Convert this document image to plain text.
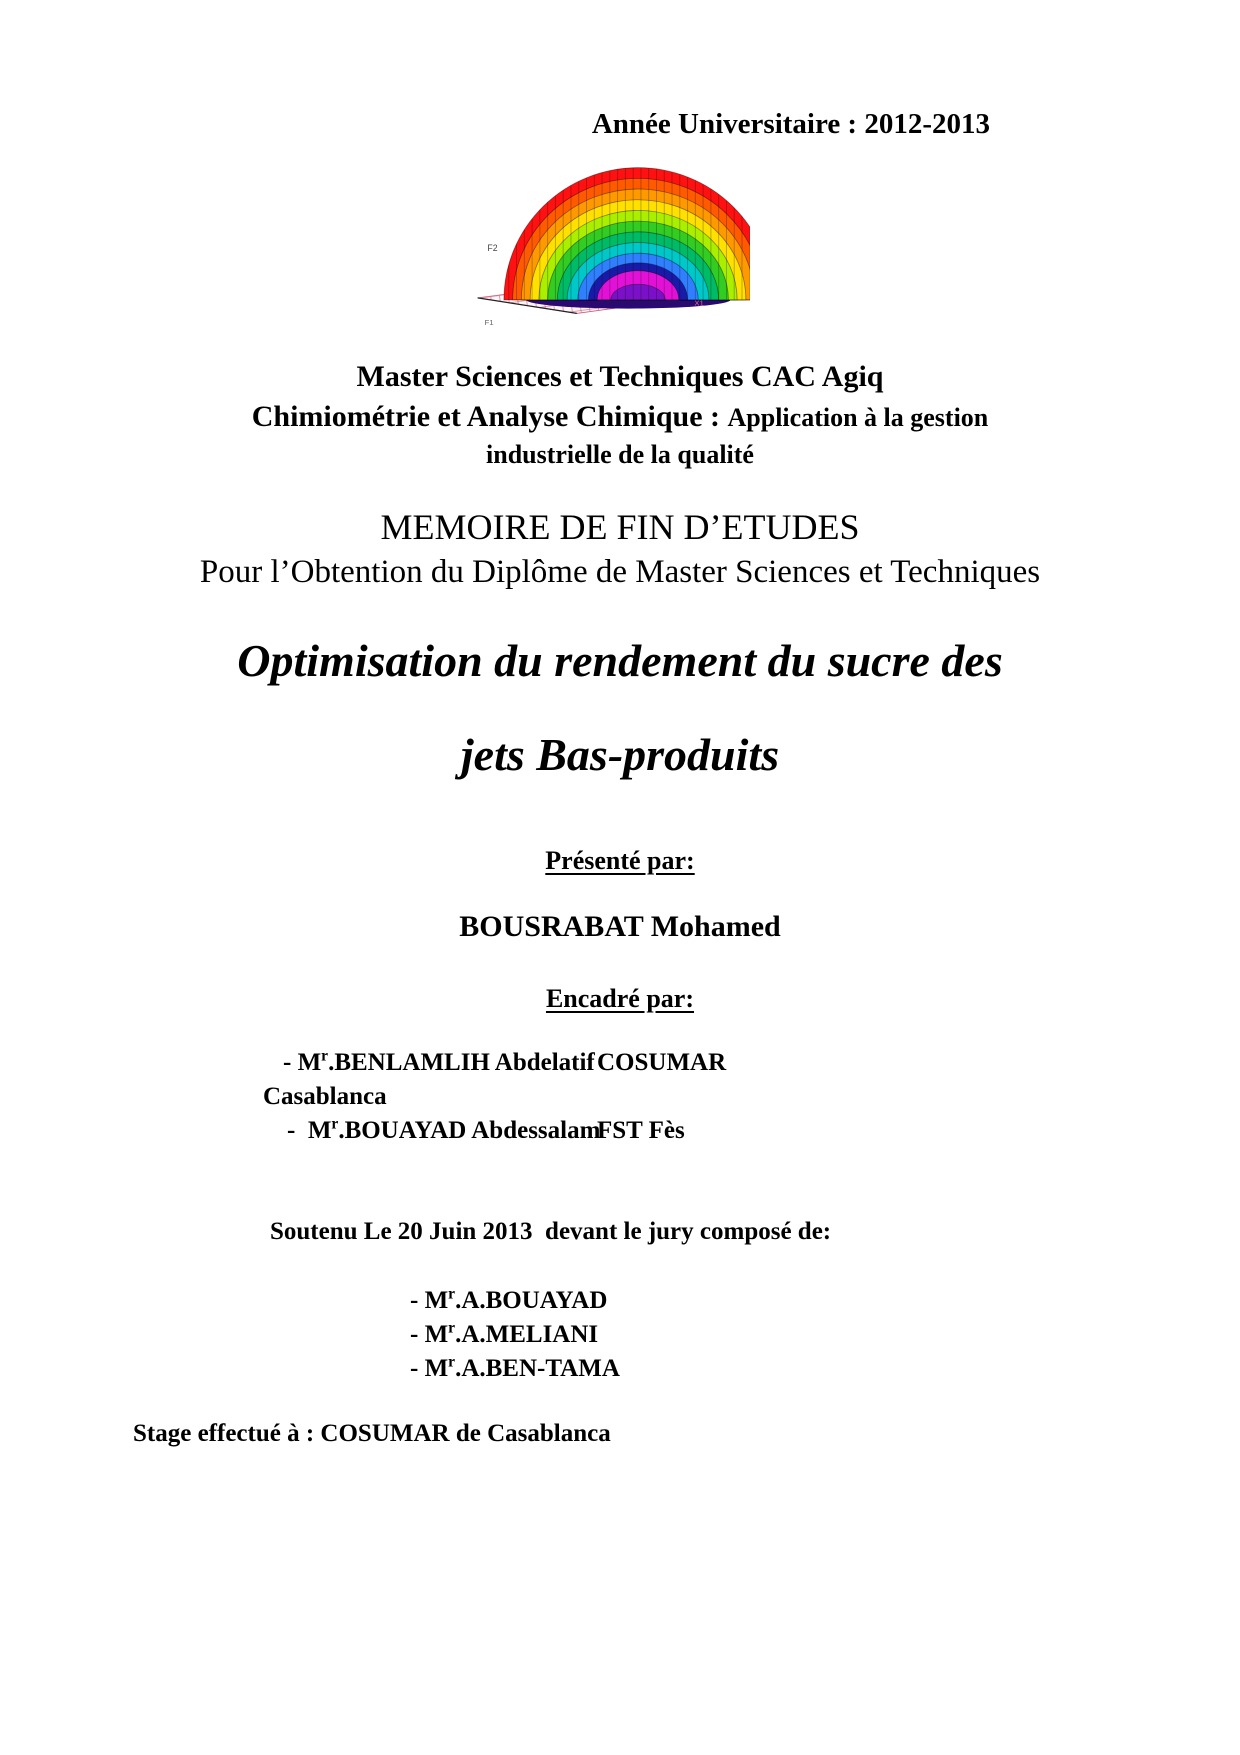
Année Universitaire : 2012-2013
F2
X1
F1
Master Sciences et Techniques CAC Agiq
Chimiométrie et Analyse Chimique : Application à la gestion
industrielle de la qualité
MEMOIRE DE FIN D’ETUDES
Pour l’Obtention du Diplôme de Master Sciences et Techniques
Optimisation du rendement du sucre des
jets Bas-produits
Présenté par:
BOUSRABAT Mohamed
Encadré par:
- $M^r.BENLAMLIH$ Abdelatif COSUMAR
Casablanca
-  $M^r.BOUAYAD$ Abdessalam
FST Fès
Soutenu Le 20 Juin 2013  devant le jury composé de:
- $M^r.A.BOUAYAD$
- $M^r.A.MELIANI$
- $M^r.A.BEN$-TAMA
Stage effectué à : COSUMAR de Casablanca
